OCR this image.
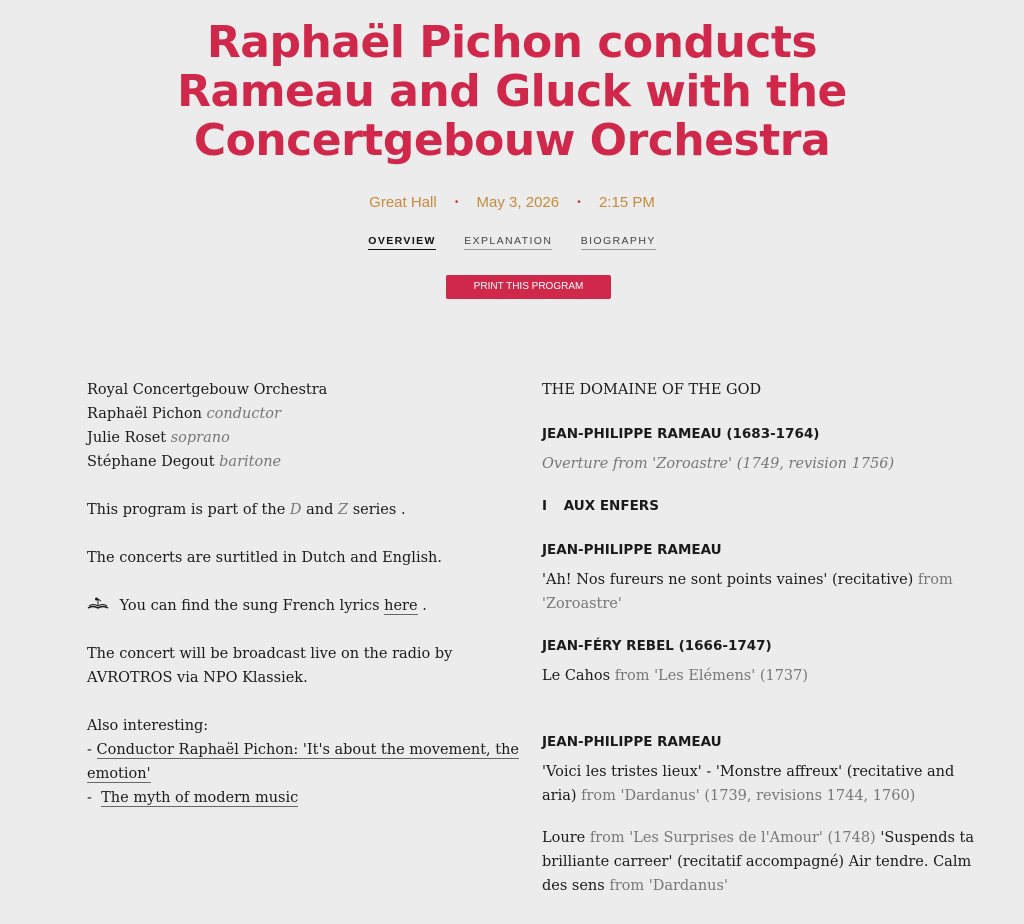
Raphaël Pichon conducts
Rameau and Gluck with the
Concertgebouw Orchestra
Great Hall • May 3, 2026 • 2:15 PM
OVERVIEW	EXPLANATION	BIOGRAPHY
PRINT THIS PROGRAM
Royal Concertgebouw Orchestra
Raphaël Pichon conductor
Julie Roset soprano
Stéphane Degout baritone

This program is part of the D and Z series .

The concerts are surtitled in Dutch and English.

You can find the sung French lyrics here .

The concert will be broadcast live on the radio by AVROTROS via NPO Klassiek.

Also interesting:
- Conductor Raphaël Pichon: 'It's about the movement, the emotion'
- The myth of modern music
THE DOMAINE OF THE GOD
JEAN-PHILIPPE RAMEAU (1683-1764)
Overture from 'Zoroastre' (1749, revision 1756)
I AUX ENFERS
JEAN-PHILIPPE RAMEAU
'Ah! Nos fureurs ne sont points vaines' (recitative) from 'Zoroastre'
JEAN-FÉRY REBEL (1666-1747)
Le Cahos from 'Les Elémens' (1737)
JEAN-PHILIPPE RAMEAU
'Voici les tristes lieux' - 'Monstre affreux' (recitative and aria) from 'Dardanus' (1739, revisions 1744, 1760)
Loure from 'Les Surprises de l'Amour' (1748) 'Suspends ta brilliante carreer' (recitatif accompagné) Air tendre. Calm des sens from 'Dardanus'
